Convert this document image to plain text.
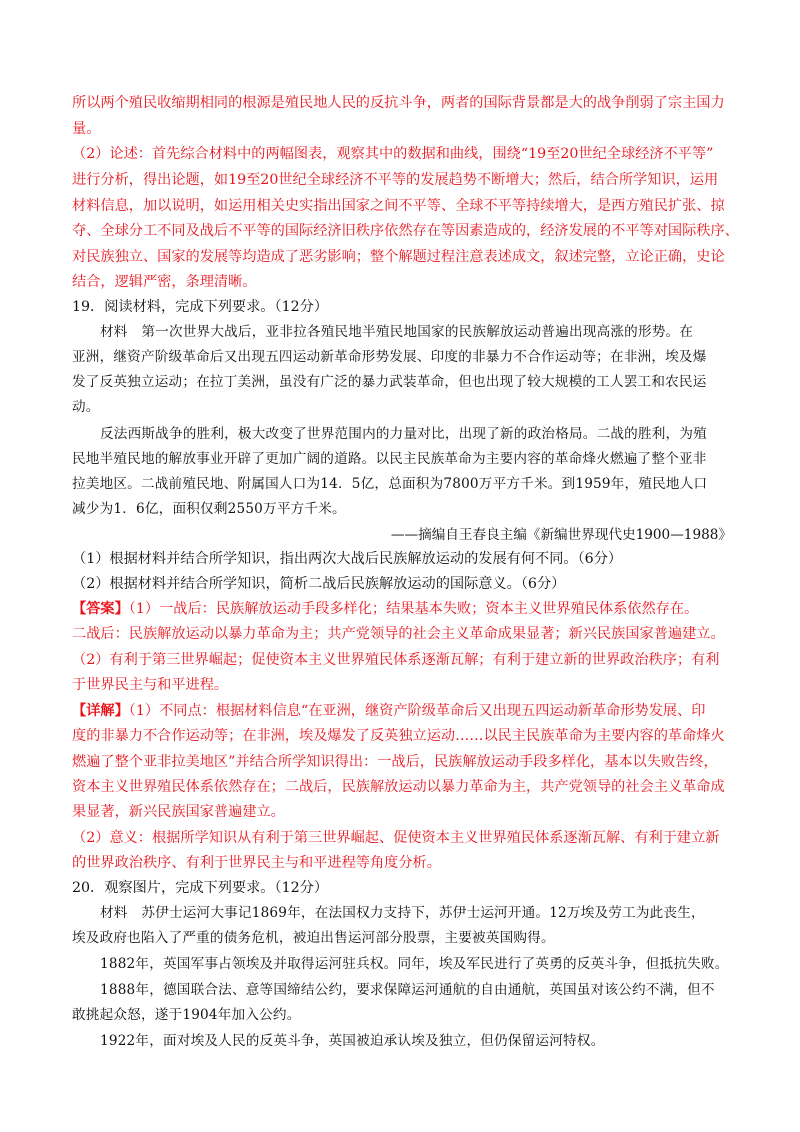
所以两个殖民收缩期相同的根源是殖民地人民的反抗斗争，两者的国际背景都是大的战争削弱了宗主国力
量。
（2）论述：首先综合材料中的两幅图表，观察其中的数据和曲线，围绕“19至20世纪全球经济不平等”
进行分析，得出论题，如19至20世纪全球经济不平等的发展趋势不断增大；然后，结合所学知识，运用
材料信息，加以说明，如运用相关史实指出国家之间不平等、全球不平等持续增大，是西方殖民扩张、掠
夺、全球分工不同及战后不平等的国际经济旧秩序依然存在等因素造成的，经济发展的不平等对国际秩序、
对民族独立、国家的发展等均造成了恶劣影响；整个解题过程注意表述成文，叙述完整，立论正确，史论
结合，逻辑严密，条理清晰。
19．阅读材料，完成下列要求。（12分）
材料　第一次世界大战后，亚非拉各殖民地半殖民地国家的民族解放运动普遍出现高涨的形势。在
亚洲，继资产阶级革命后又出现五四运动新革命形势发展、印度的非暴力不合作运动等；在非洲，埃及爆
发了反英独立运动；在拉丁美洲，虽没有广泛的暴力武装革命，但也出现了较大规模的工人罢工和农民运
动。
反法西斯战争的胜利，极大改变了世界范围内的力量对比，出现了新的政治格局。二战的胜利，为殖
民地半殖民地的解放事业开辟了更加广阔的道路。以民主民族革命为主要内容的革命烽火燃遍了整个亚非
拉美地区。二战前殖民地、附属国人口为14．5亿，总面积为7800万平方千米。到1959年，殖民地人口
减少为1．6亿，面积仅剩2550万平方千米。
——摘编自王春良主编《新编世界现代史1900—1988》
（1）根据材料并结合所学知识，指出两次大战后民族解放运动的发展有何不同。（6分）
（2）根据材料并结合所学知识，简析二战后民族解放运动的国际意义。（6分）
【答案】（1）一战后：民族解放运动手段多样化；结果基本失败；资本主义世界殖民体系依然存在。
二战后：民族解放运动以暴力革命为主；共产党领导的社会主义革命成果显著；新兴民族国家普遍建立。
（2）有利于第三世界崛起；促使资本主义世界殖民体系逐渐瓦解；有利于建立新的世界政治秩序；有利
于世界民主与和平进程。
【详解】（1）不同点：根据材料信息“在亚洲，继资产阶级革命后又出现五四运动新革命形势发展、印
度的非暴力不合作运动等；在非洲，埃及爆发了反英独立运动……以民主民族革命为主要内容的革命烽火
燃遍了整个亚非拉美地区”并结合所学知识得出：一战后，民族解放运动手段多样化，基本以失败告终，
资本主义世界殖民体系依然存在；二战后，民族解放运动以暴力革命为主，共产党领导的社会主义革命成
果显著，新兴民族国家普遍建立。
（2）意义：根据所学知识从有利于第三世界崛起、促使资本主义世界殖民体系逐渐瓦解、有利于建立新
的世界政治秩序、有利于世界民主与和平进程等角度分析。
20．观察图片，完成下列要求。（12分）
材料　苏伊士运河大事记1869年，在法国权力支持下，苏伊士运河开通。12万埃及劳工为此丧生，
埃及政府也陷入了严重的债务危机，被迫出售运河部分股票，主要被英国购得。
1882年，英国军事占领埃及并取得运河驻兵权。同年，埃及军民进行了英勇的反英斗争，但抵抗失败。
1888年，德国联合法、意等国缔结公约，要求保障运河通航的自由通航，英国虽对该公约不满，但不
敢挑起众怒，遂于1904年加入公约。
1922年，面对埃及人民的反英斗争，英国被迫承认埃及独立，但仍保留运河特权。
